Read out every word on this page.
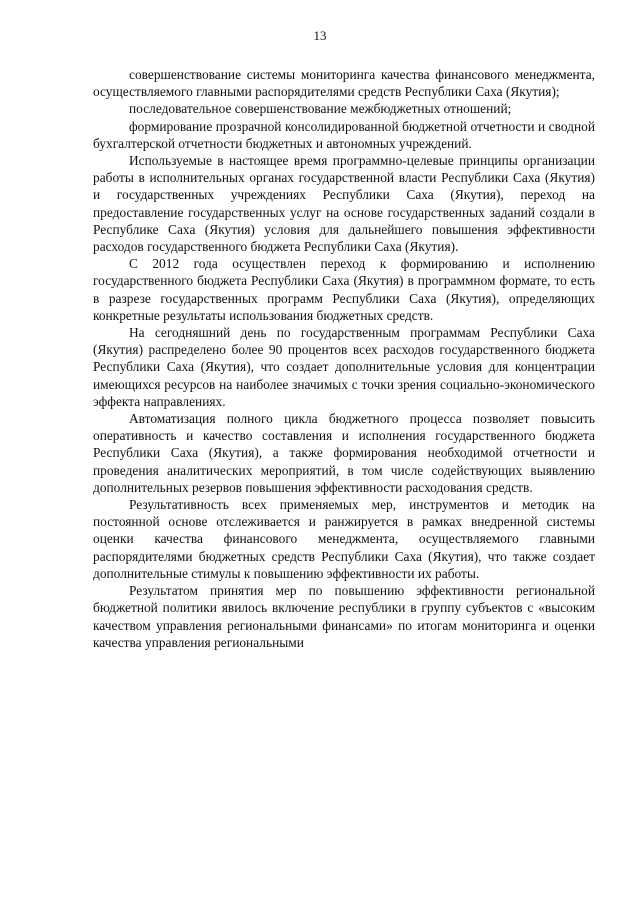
13

совершенствование системы мониторинга качества финансового менеджмента, осуществляемого главными распорядителями средств Республики Саха (Якутия);

последовательное совершенствование межбюджетных отношений;

формирование прозрачной консолидированной бюджетной отчетности и сводной бухгалтерской отчетности бюджетных и автономных учреждений.

Используемые в настоящее время программно-целевые принципы организации работы в исполнительных органах государственной власти Республики Саха (Якутия) и государственных учреждениях Республики Саха (Якутия), переход на предоставление государственных услуг на основе государственных заданий создали в Республике Саха (Якутия) условия для дальнейшего повышения эффективности расходов государственного бюджета Республики Саха (Якутия).

С 2012 года осуществлен переход к формированию и исполнению государственного бюджета Республики Саха (Якутия) в программном формате, то есть в разрезе государственных программ Республики Саха (Якутия), определяющих конкретные результаты использования бюджетных средств.

На сегодняшний день по государственным программам Республики Саха (Якутия) распределено более 90 процентов всех расходов государственного бюджета Республики Саха (Якутия), что создает дополнительные условия для концентрации имеющихся ресурсов на наиболее значимых с точки зрения социально-экономического эффекта направлениях.

Автоматизация полного цикла бюджетного процесса позволяет повысить оперативность и качество составления и исполнения государственного бюджета Республики Саха (Якутия), а также формирования необходимой отчетности и проведения аналитических мероприятий, в том числе содействующих выявлению дополнительных резервов повышения эффективности расходования средств.

Результативность всех применяемых мер, инструментов и методик на постоянной основе отслеживается и ранжируется в рамках внедренной системы оценки качества финансового менеджмента, осуществляемого главными распорядителями бюджетных средств Республики Саха (Якутия), что также создает дополнительные стимулы к повышению эффективности их работы.

Результатом принятия мер по повышению эффективности региональной бюджетной политики явилось включение республики в группу субъектов с «высоким качеством управления региональными финансами» по итогам мониторинга и оценки качества управления региональными
